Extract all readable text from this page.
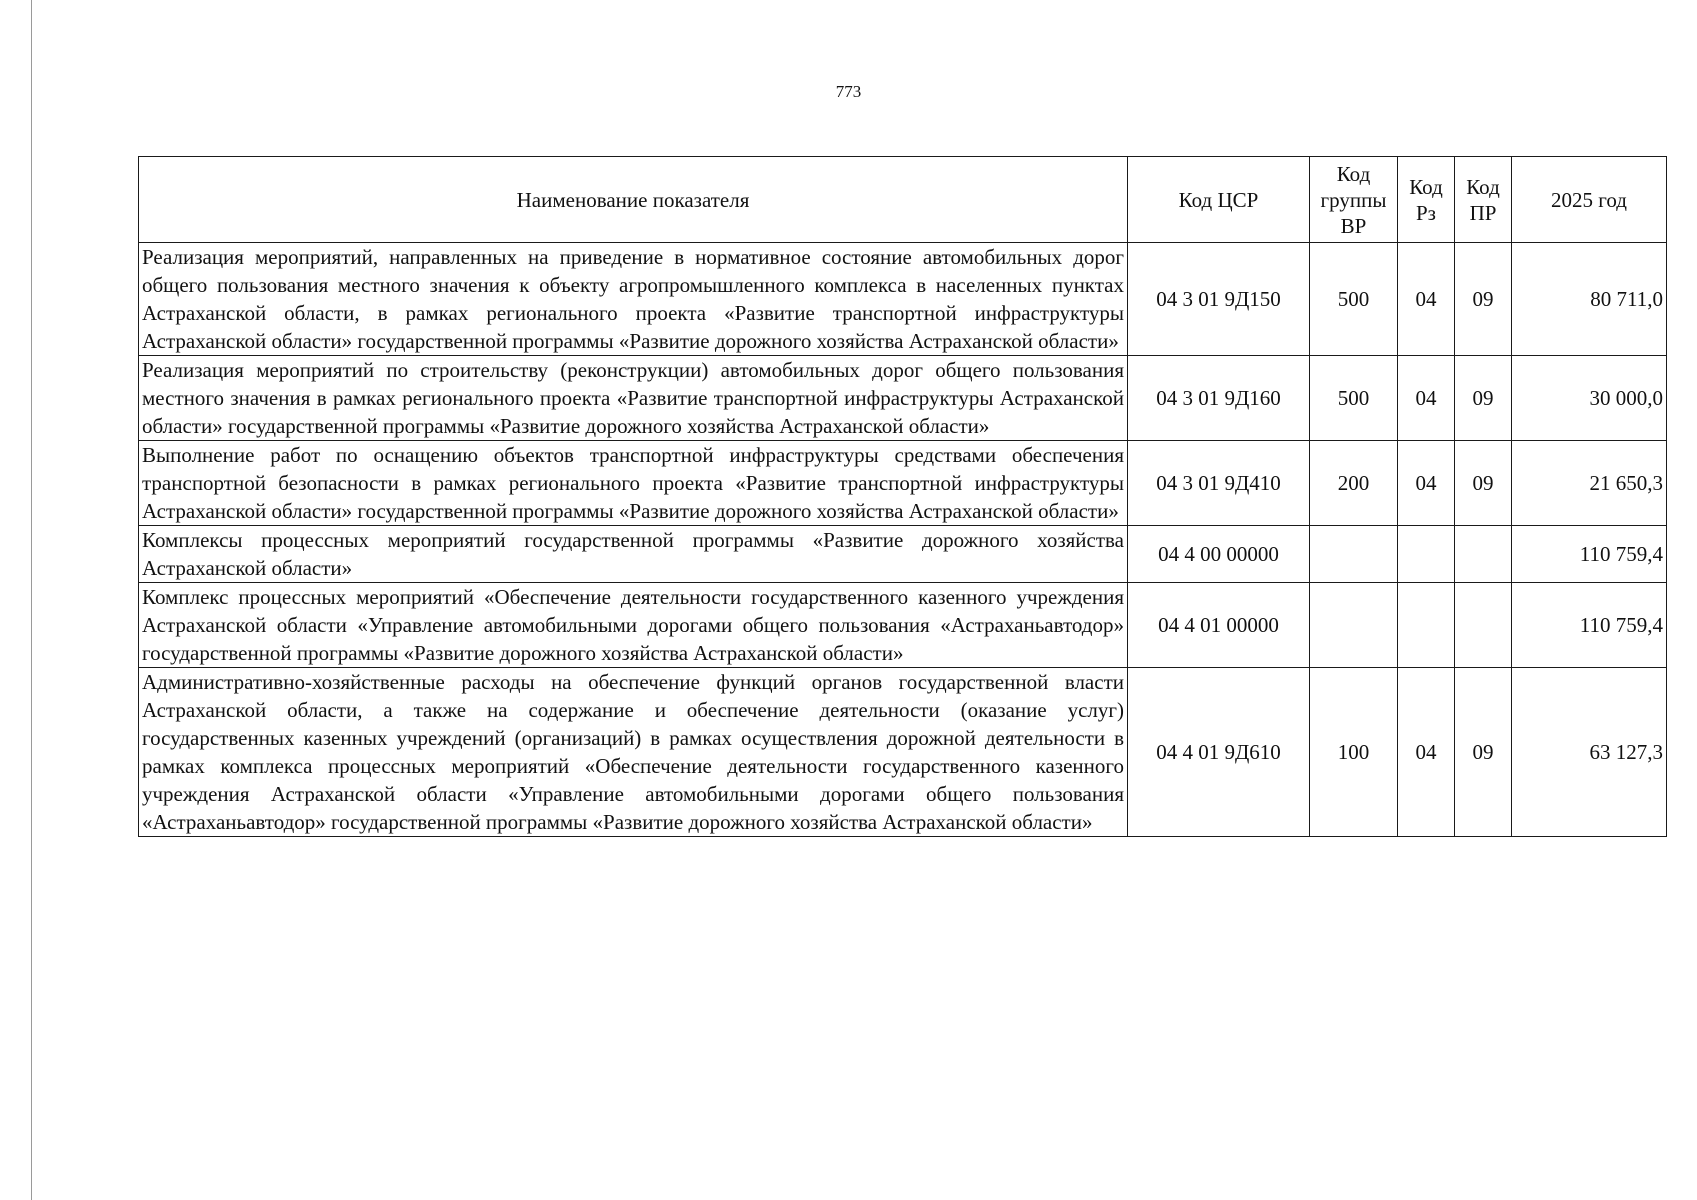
773
Наименование показателя	Код ЦСР	Код группы ВР	Код Рз	Код ПР	2025 год
Реализация мероприятий, направленных на приведение в нормативное состояние автомобильных дорог общего пользования местного значения к объекту агропромышленного комплекса в населенных пунктах Астраханской области, в рамках регионального проекта «Развитие транспортной инфраструктуры Астраханской области» государственной программы «Развитие дорожного хозяйства Астраханской области»	04 3 01 9Д150	500	04	09	80 711,0
Реализация мероприятий по строительству (реконструкции) автомобильных дорог общего пользования местного значения в рамках регионального проекта «Развитие транспортной инфраструктуры Астраханской области» государственной программы «Развитие дорожного хозяйства Астраханской области»	04 3 01 9Д160	500	04	09	30 000,0
Выполнение работ по оснащению объектов транспортной инфраструктуры средствами обеспечения транспортной безопасности в рамках регионального проекта «Развитие транспортной инфраструктуры Астраханской области» государственной программы «Развитие дорожного хозяйства Астраханской области»	04 3 01 9Д410	200	04	09	21 650,3
Комплексы процессных мероприятий государственной программы «Развитие дорожного хозяйства Астраханской области»	04 4 00 00000				110 759,4
Комплекс процессных мероприятий «Обеспечение деятельности государственного казенного учреждения Астраханской области «Управление автомобильными дорогами общего пользования «Астраханьавтодор» государственной программы «Развитие дорожного хозяйства Астраханской области»	04 4 01 00000				110 759,4
Административно-хозяйственные расходы на обеспечение функций органов государственной власти Астраханской области, а также на содержание и обеспечение деятельности (оказание услуг) государственных казенных учреждений (организаций) в рамках осуществления дорожной деятельности в рамках комплекса процессных мероприятий «Обеспечение деятельности государственного казенного учреждения Астраханской области «Управление автомобильными дорогами общего пользования «Астраханьавтодор» государственной программы «Развитие дорожного хозяйства Астраханской области»	04 4 01 9Д610	100	04	09	63 127,3
